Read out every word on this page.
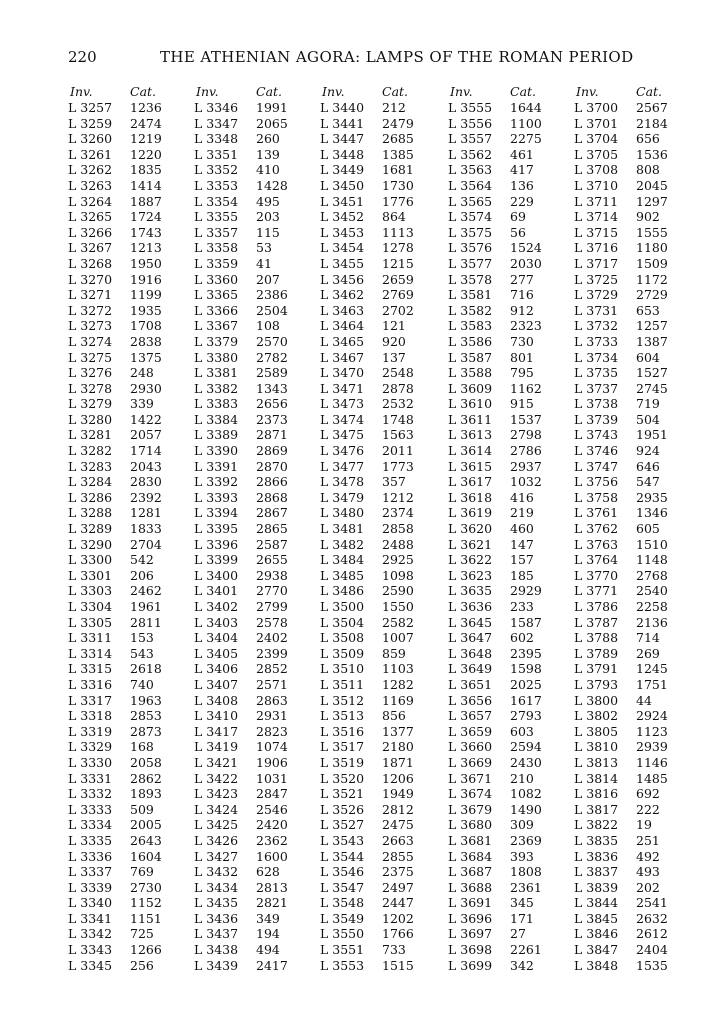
220	THE ATHENIAN AGORA: LAMPS OF THE ROMAN PERIOD
Inv.	Cat.
L 3257 1236
L 3259 2474
L 3260 1219
L 3261 1220
L 3262 1835
L 3263 1414
L 3264 1887
L 3265 1724
L 3266 1743
L 3267 1213
L 3268 1950
L 3270 1916
L 3271 1199
L 3272 1935
L 3273 1708
L 3274 2838
L 3275 1375
L 3276 248
L 3278 2930
L 3279 339
L 3280 1422
L 3281 2057
L 3282 1714
L 3283 2043
L 3284 2830
L 3286 2392
L 3288 1281
L 3289 1833
L 3290 2704
L 3300 542
L 3301 206
L 3303 2462
L 3304 1961
L 3305 2811
L 3311 153
L 3314 543
L 3315 2618
L 3316 740
L 3317 1963
L 3318 2853
L 3319 2873
L 3329 168
L 3330 2058
L 3331 2862
L 3332 1893
L 3333 509
L 3334 2005
L 3335 2643
L 3336 1604
L 3337 769
L 3339 2730
L 3340 1152
L 3341 1151
L 3342 725
L 3343 1266
L 3345 256
Inv.	Cat.
L 3346 1991
L 3347 2065
L 3348 260
L 3351 139
L 3352 410
L 3353 1428
L 3354 495
L 3355 203
L 3357 115
L 3358 53
L 3359 41
L 3360 207
L 3365 2386
L 3366 2504
L 3367 108
L 3379 2570
L 3380 2782
L 3381 2589
L 3382 1343
L 3383 2656
L 3384 2373
L 3389 2871
L 3390 2869
L 3391 2870
L 3392 2866
L 3393 2868
L 3394 2867
L 3395 2865
L 3396 2587
L 3399 2655
L 3400 2938
L 3401 2770
L 3402 2799
L 3403 2578
L 3404 2402
L 3405 2399
L 3406 2852
L 3407 2571
L 3408 2863
L 3410 2931
L 3417 2823
L 3419 1074
L 3421 1906
L 3422 1031
L 3423 2847
L 3424 2546
L 3425 2420
L 3426 2362
L 3427 1600
L 3432 628
L 3434 2813
L 3435 2821
L 3436 349
L 3437 194
L 3438 494
L 3439 2417
Inv.	Cat.
L 3440 212
L 3441 2479
L 3447 2685
L 3448 1385
L 3449 1681
L 3450 1730
L 3451 1776
L 3452 864
L 3453 1113
L 3454 1278
L 3455 1215
L 3456 2659
L 3462 2769
L 3463 2702
L 3464 121
L 3465 920
L 3467 137
L 3470 2548
L 3471 2878
L 3473 2532
L 3474 1748
L 3475 1563
L 3476 2011
L 3477 1773
L 3478 357
L 3479 1212
L 3480 2374
L 3481 2858
L 3482 2488
L 3484 2925
L 3485 1098
L 3486 2590
L 3500 1550
L 3504 2582
L 3508 1007
L 3509 859
L 3510 1103
L 3511 1282
L 3512 1169
L 3513 856
L 3516 1377
L 3517 2180
L 3519 1871
L 3520 1206
L 3521 1949
L 3526 2812
L 3527 2475
L 3543 2663
L 3544 2855
L 3546 2375
L 3547 2497
L 3548 2447
L 3549 1202
L 3550 1766
L 3551 733
L 3553 1515
Inv.	Cat.
L 3555 1644
L 3556 1100
L 3557 2275
L 3562 461
L 3563 417
L 3564 136
L 3565 229
L 3574 69
L 3575 56
L 3576 1524
L 3577 2030
L 3578 277
L 3581 716
L 3582 912
L 3583 2323
L 3586 730
L 3587 801
L 3588 795
L 3609 1162
L 3610 915
L 3611 1537
L 3613 2798
L 3614 2786
L 3615 2937
L 3617 1032
L 3618 416
L 3619 219
L 3620 460
L 3621 147
L 3622 157
L 3623 185
L 3635 2929
L 3636 233
L 3645 1587
L 3647 602
L 3648 2395
L 3649 1598
L 3651 2025
L 3656 1617
L 3657 2793
L 3659 603
L 3660 2594
L 3669 2430
L 3671 210
L 3674 1082
L 3679 1490
L 3680 309
L 3681 2369
L 3684 393
L 3687 1808
L 3688 2361
L 3691 345
L 3696 171
L 3697 27
L 3698 2261
L 3699 342
Inv.	Cat.
L 3700 2567
L 3701 2184
L 3704 656
L 3705 1536
L 3708 808
L 3710 2045
L 3711 1297
L 3714 902
L 3715 1555
L 3716 1180
L 3717 1509
L 3725 1172
L 3729 2729
L 3731 653
L 3732 1257
L 3733 1387
L 3734 604
L 3735 1527
L 3737 2745
L 3738 719
L 3739 504
L 3743 1951
L 3746 924
L 3747 646
L 3756 547
L 3758 2935
L 3761 1346
L 3762 605
L 3763 1510
L 3764 1148
L 3770 2768
L 3771 2540
L 3786 2258
L 3787 2136
L 3788 714
L 3789 269
L 3791 1245
L 3793 1751
L 3800 44
L 3802 2924
L 3805 1123
L 3810 2939
L 3813 1146
L 3814 1485
L 3816 692
L 3817 222
L 3822 19
L 3835 251
L 3836 492
L 3837 493
L 3839 202
L 3844 2541
L 3845 2632
L 3846 2612
L 3847 2404
L 3848 1535
